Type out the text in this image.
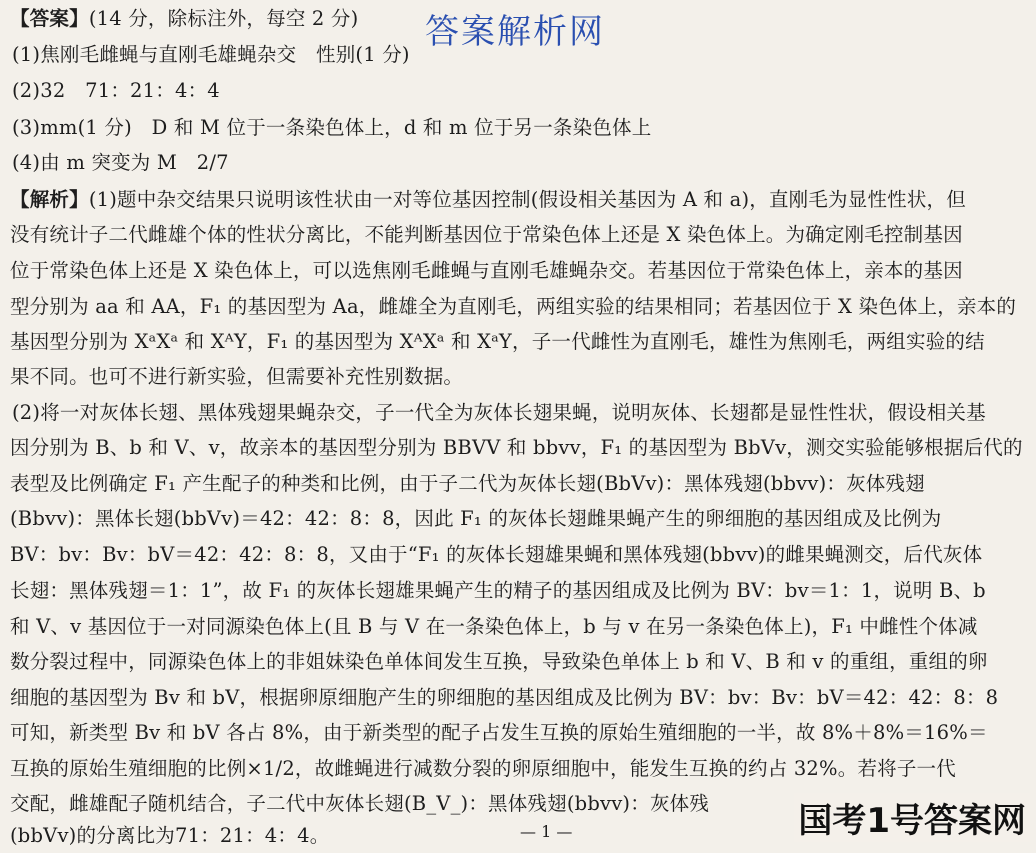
答案解析网
【答案】(14 分，除标注外，每空 2 分)
(1)焦刚毛雌蝇与直刚毛雄蝇杂交　性别(1 分)
(2)32　71：21：4：4
(3)mm(1 分)　D 和 M 位于一条染色体上，d 和 m 位于另一条染色体上
(4)由 m 突变为 M　2/7
【解析】(1)题中杂交结果只说明该性状由一对等位基因控制(假设相关基因为 A 和 a)，直刚毛为显性性状，但
没有统计子二代雌雄个体的性状分离比，不能判断基因位于常染色体上还是 X 染色体上。为确定刚毛控制基因
位于常染色体上还是 X 染色体上，可以选焦刚毛雌蝇与直刚毛雄蝇杂交。若基因位于常染色体上，亲本的基因
型分别为 aa 和 AA，F₁ 的基因型为 Aa，雌雄全为直刚毛，两组实验的结果相同；若基因位于 X 染色体上，亲本的
基因型分别为 XᵃXᵃ 和 XᴬY，F₁ 的基因型为 XᴬXᵃ 和 XᵃY，子一代雌性为直刚毛，雄性为焦刚毛，两组实验的结
果不同。也可不进行新实验，但需要补充性别数据。
(2)将一对灰体长翅、黑体残翅果蝇杂交，子一代全为灰体长翅果蝇，说明灰体、长翅都是显性性状，假设相关基
因分别为 B、b 和 V、v，故亲本的基因型分别为 BBVV 和 bbvv，F₁ 的基因型为 BbVv，测交实验能够根据后代的
表型及比例确定 F₁ 产生配子的种类和比例，由于子二代为灰体长翅(BbVv)：黑体残翅(bbvv)：灰体残翅
(Bbvv)：黑体长翅(bbVv)＝42：42：8：8，因此 F₁ 的灰体长翅雌果蝇产生的卵细胞的基因组成及比例为
BV：bv：Bv：bV＝42：42：8：8，又由于“F₁ 的灰体长翅雄果蝇和黑体残翅(bbvv)的雌果蝇测交，后代灰体
长翅：黑体残翅＝1：1”，故 F₁ 的灰体长翅雄果蝇产生的精子的基因组成及比例为 BV：bv＝1：1，说明 B、b
和 V、v 基因位于一对同源染色体上(且 B 与 V 在一条染色体上，b 与 v 在另一条染色体上)，F₁ 中雌性个体减
数分裂过程中，同源染色体上的非姐妹染色单体间发生互换，导致染色单体上 b 和 V、B 和 v 的重组，重组的卵
细胞的基因型为 Bv 和 bV，根据卵原细胞产生的卵细胞的基因组成及比例为 BV：bv：Bv：bV＝42：42：8：8
可知，新类型 Bv 和 bV 各占 8%，由于新类型的配子占发生互换的原始生殖细胞的一半，故 8%＋8%＝16%＝
互换的原始生殖细胞的比例×1/2，故雌蝇进行减数分裂的卵原细胞中，能发生互换的约占 32%。若将子一代
交配，雌雄配子随机结合，子二代中灰体长翅(B_V_)：黑体残翅(bbvv)：灰体残
(bbVv)的分离比为71：21：4：4。	— 1 —	国考1号答案网
